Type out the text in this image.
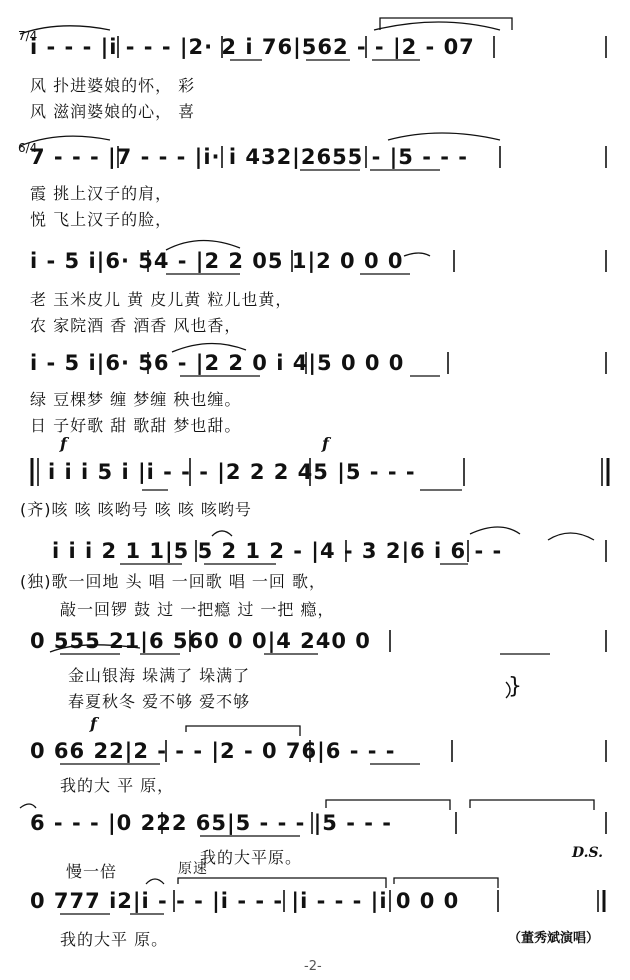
7/4
i - - - |i - - - |2· 2 i 76|562 - - |2 - 07
风 扑进婆娘的怀， 彩
风 滋润婆娘的心， 喜
6/4
7 - - - |7 - - - |i· i 432|2655 - |5 - - -
霞 挑上汉子的肩，
悦 飞上汉子的脸，
i - 5 i|6· 54 - |2 2 05 1|2 0 0 0
老 玉米皮儿 黄 皮儿黄 粒儿也黄，
农 家院酒 香 酒香 风也香，
i - 5 i|6· 56 - |2 2 0 i 4|5 0 0 0
绿 豆棵梦 缠 梦缠 秧也缠。
日 子好歌 甜 歌甜 梦也甜。
f	f
i i i 5 i |i - - - |2 2 2 45 |5 - - -
(齐)咳 咳 咳哟号 咳 咳 咳哟号
i i i 2 1 1|5 5 2 1 2 - |4 - 3 2|6 i 6 - -
(独)歌一回地 头 唱 一回歌 唱 一回 歌，
敲一回锣 鼓 过 一把瘾 过 一把 瘾，
0 555 21|6 560 0 0|4 240 0
金山银海 垛满了 垛满了
春夏秋冬 爱不够 爱不够
}
f
0 66 22|2 - - - |2 - 0 76|6 - - -
我的大 平 原，
6 - - - |0 222 65|5 - - - |5 - - -
我的大平原。	D.S.
慢一倍	原速
0 777 i2|i - - - |i - - - |i - - - |i 0 0 0
我的大平 原。	（董秀斌演唱）
-2-
